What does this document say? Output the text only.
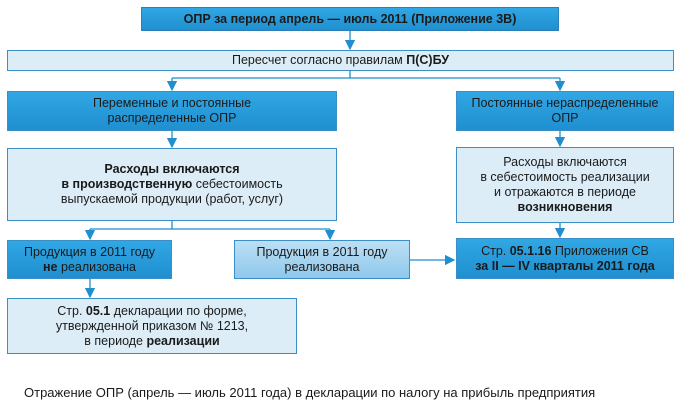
ОПР за период апрель — июль 2011 (Приложение 3В)
Пересчет согласно правилам П(С)БУ
Переменные и постоянные
распределенные ОПР
Постоянные нераспределенные
ОПР
Расходы включаются
в производственную себестоимость
выпускаемой продукции (работ, услуг)
Расходы включаются
в себестоимость реализации
и отражаются в периоде
возникновения
Продукция в 2011 году
не реализована
Продукция в 2011 году
реализована
Стр. 05.1.16 Приложения СВ
за II — IV кварталы 2011 года
Стр. 05.1 декларации по форме,
утвержденной приказом № 1213,
в периоде реализации
Отражение ОПР (апрель — июль 2011 года) в декларации по налогу на прибыль предприятия
